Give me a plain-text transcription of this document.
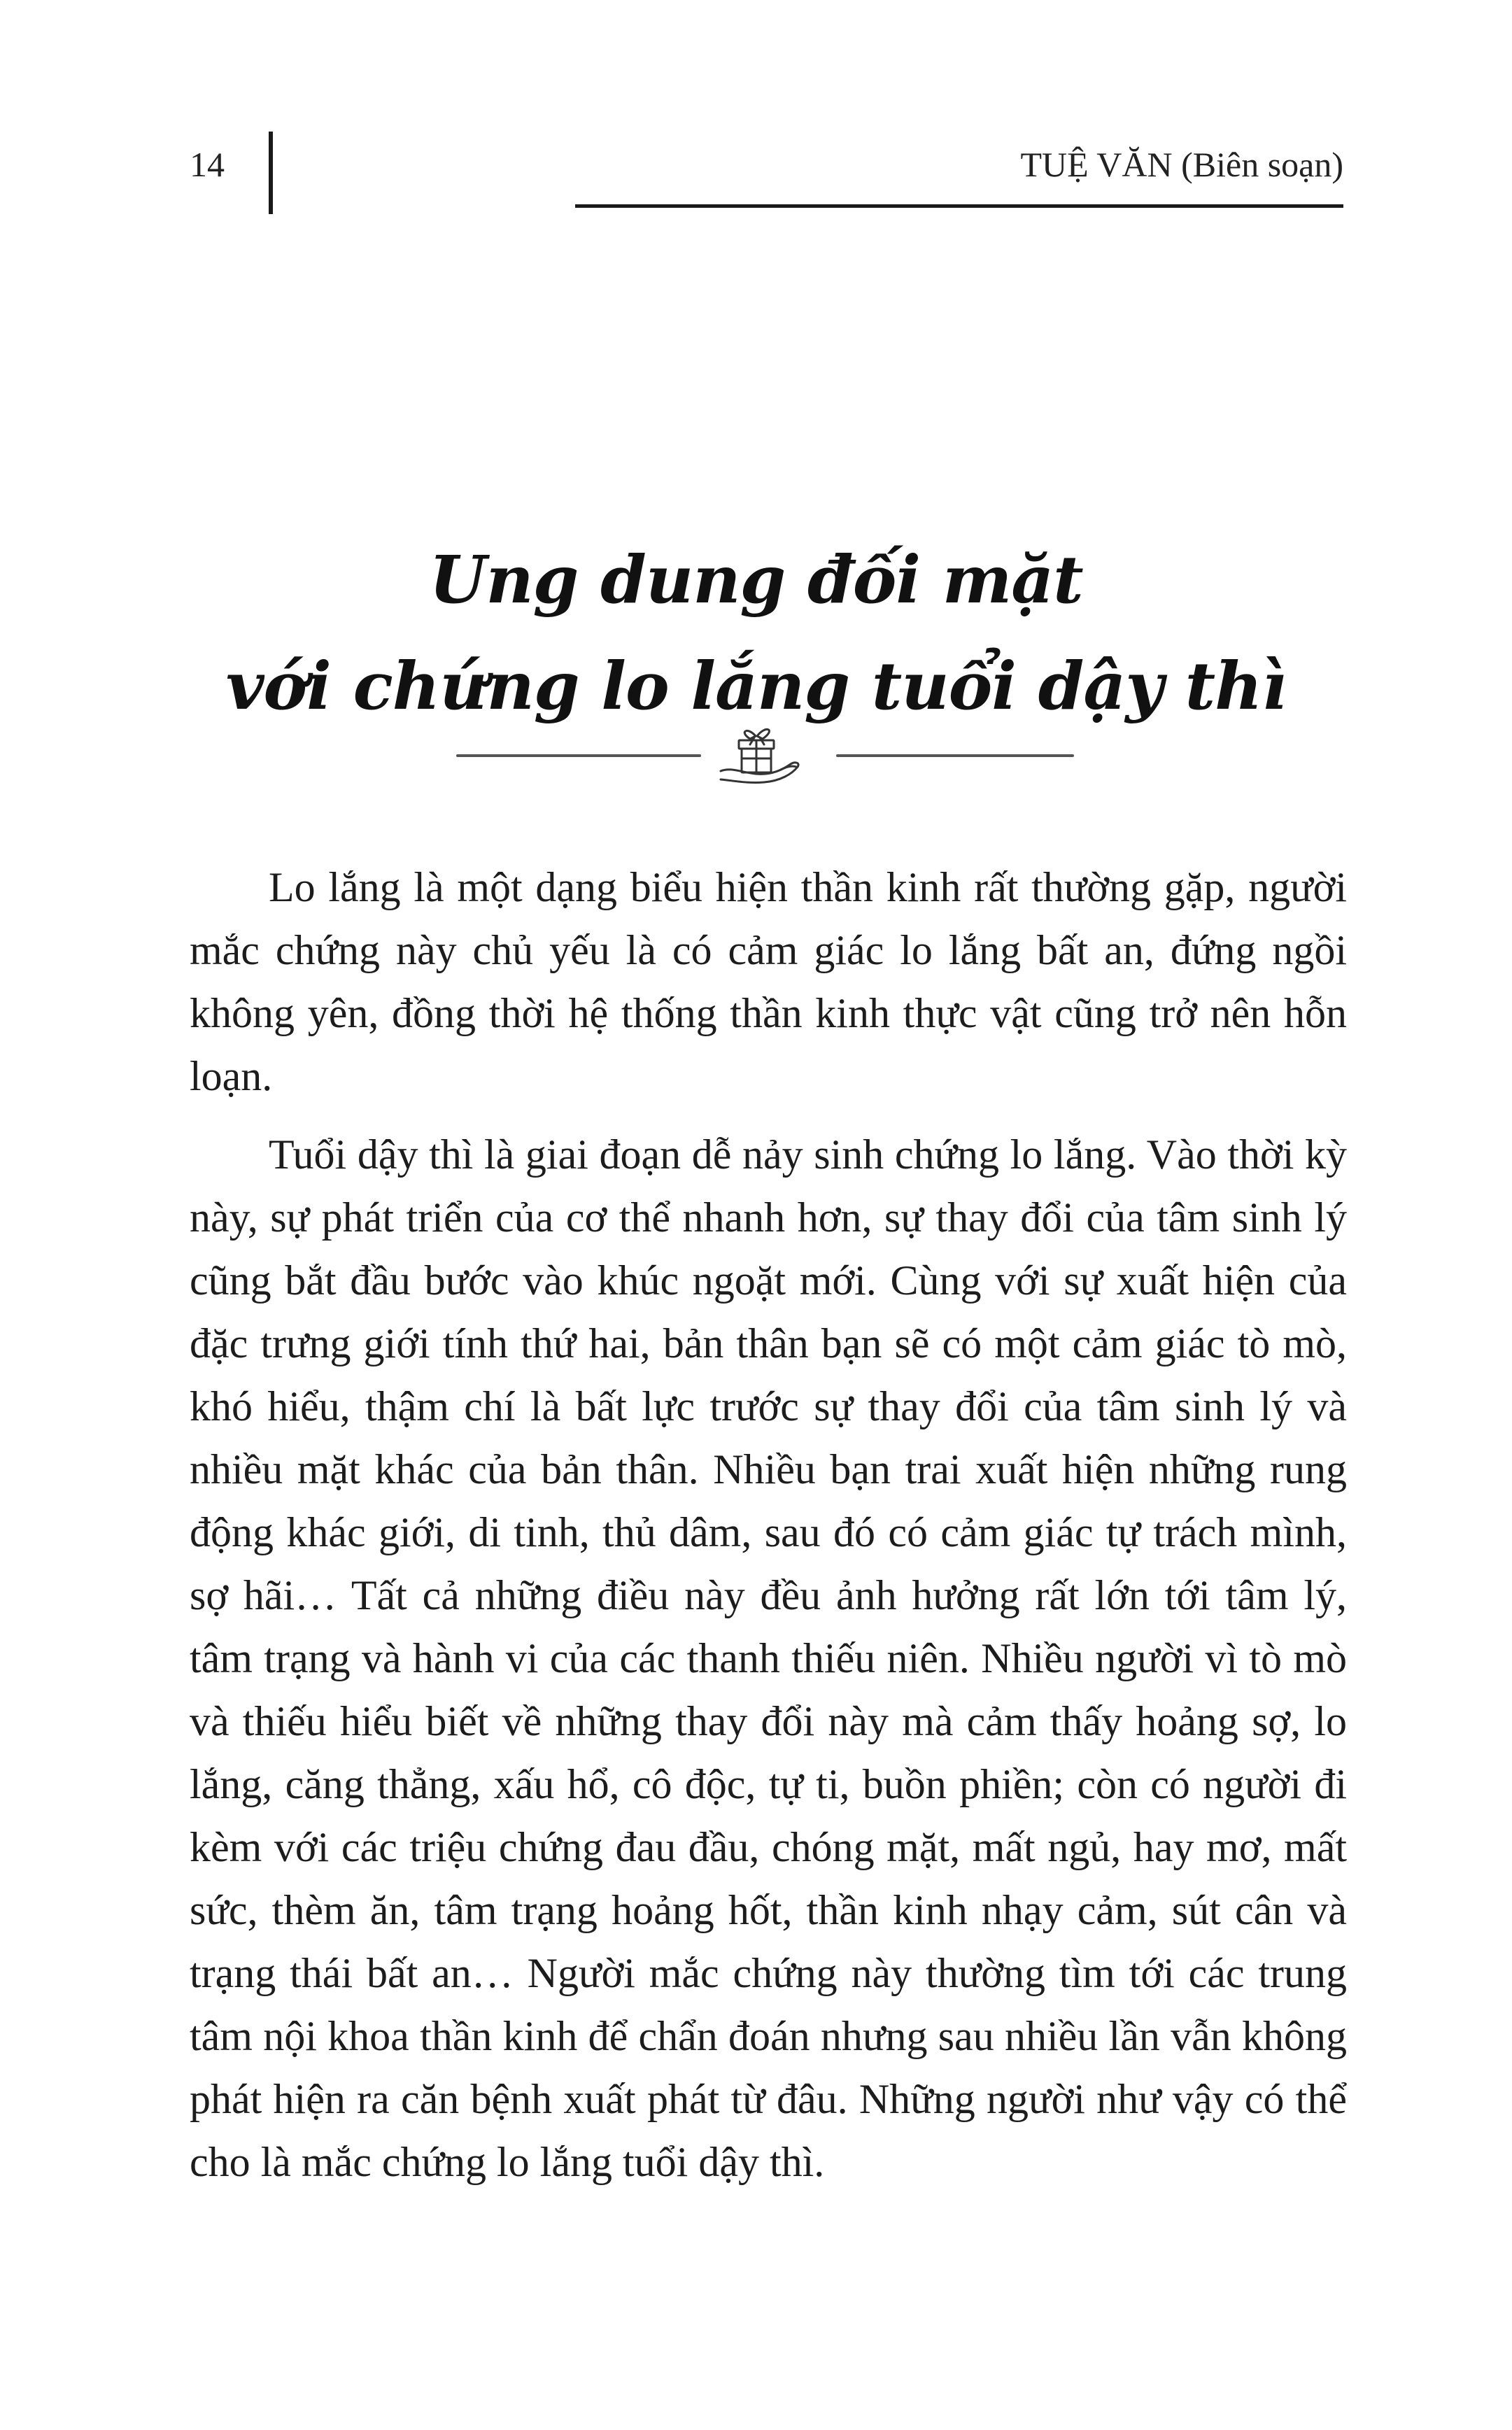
14	TUỆ VĂN (Biên soạn)
Ung dung đối mặt
với chứng lo lắng tuổi dậy thì

Lo lắng là một dạng biểu hiện thần kinh rất thường gặp, người mắc chứng này chủ yếu là có cảm giác lo lắng bất an, đứng ngồi không yên, đồng thời hệ thống thần kinh thực vật cũng trở nên hỗn loạn.

Tuổi dậy thì là giai đoạn dễ nảy sinh chứng lo lắng. Vào thời kỳ này, sự phát triển của cơ thể nhanh hơn, sự thay đổi của tâm sinh lý cũng bắt đầu bước vào khúc ngoặt mới. Cùng với sự xuất hiện của đặc trưng giới tính thứ hai, bản thân bạn sẽ có một cảm giác tò mò, khó hiểu, thậm chí là bất lực trước sự thay đổi của tâm sinh lý và nhiều mặt khác của bản thân. Nhiều bạn trai xuất hiện những rung động khác giới, di tinh, thủ dâm, sau đó có cảm giác tự trách mình, sợ hãi… Tất cả những điều này đều ảnh hưởng rất lớn tới tâm lý, tâm trạng và hành vi của các thanh thiếu niên. Nhiều người vì tò mò và thiếu hiểu biết về những thay đổi này mà cảm thấy hoảng sợ, lo lắng, căng thẳng, xấu hổ, cô độc, tự ti, buồn phiền; còn có người đi kèm với các triệu chứng đau đầu, chóng mặt, mất ngủ, hay mơ, mất sức, thèm ăn, tâm trạng hoảng hốt, thần kinh nhạy cảm, sút cân và trạng thái bất an… Người mắc chứng này thường tìm tới các trung tâm nội khoa thần kinh để chẩn đoán nhưng sau nhiều lần vẫn không phát hiện ra căn bệnh xuất phát từ đâu. Những người như vậy có thể cho là mắc chứng lo lắng tuổi dậy thì.
